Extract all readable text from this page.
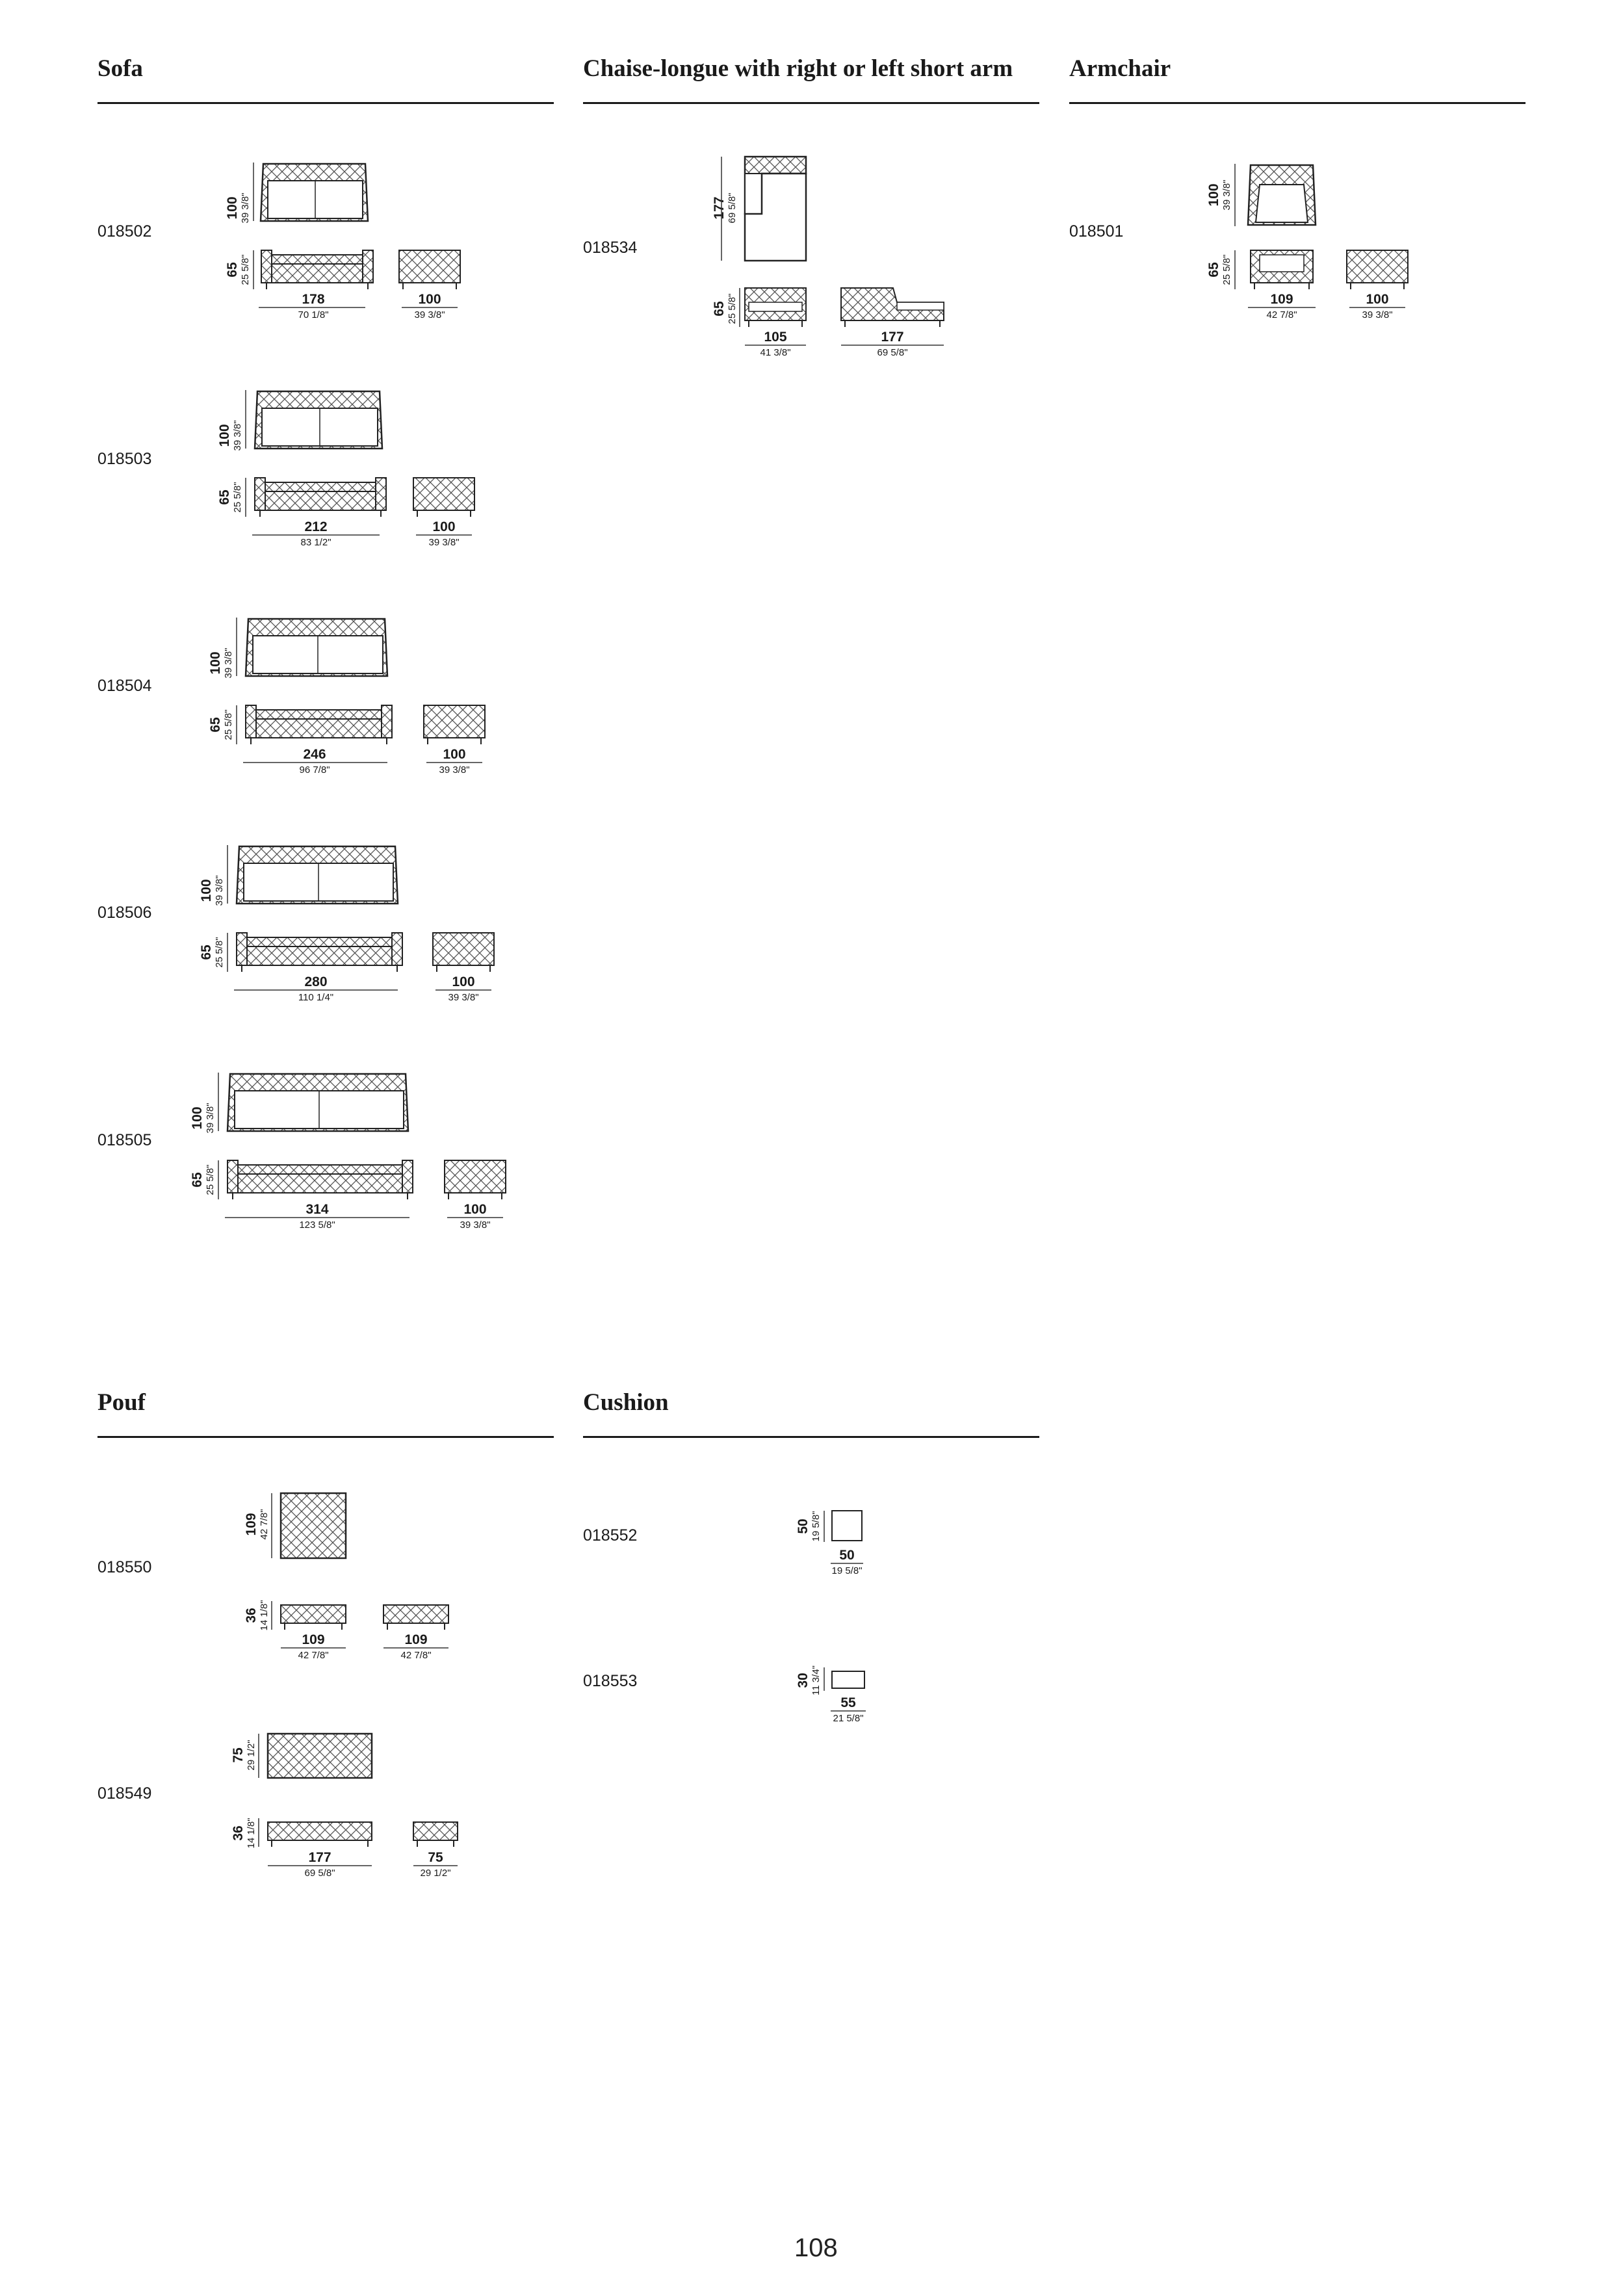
Sofa	Chaise-longue with right or left short arm Armchair
Pouf	Cushion
018502
018503
018504
018506
018505
018534
018501
018550
018549
018552
018553
100 39 3/8"
65 25 5/8"
178
70 1/8"
100
39 3/8"
100 39 3/8"
65 25 5/8"
212
83 1/2"
100
39 3/8"
100 39 3/8"
65 25 5/8"
246
96 7/8"
100
39 3/8"
100 39 3/8"
65 25 5/8"
280
110 1/4"
100
39 3/8"
100 39 3/8"
65 25 5/8"
314
123 5/8"
100
39 3/8"
177 69 5/8"
65 25 5/8"
105
41 3/8"
177
69 5/8"
100 39 3/8"
65 25 5/8"
109
42 7/8"
100
39 3/8"
109 42 7/8"
36 14 1/8"
109
42 7/8"
109
42 7/8"
75 29 1/2"
36 14 1/8"
177
69 5/8"
75
29 1/2"
50 19 5/8"
50
19 5/8"
30 11 3/4"
55
21 5/8"
108
